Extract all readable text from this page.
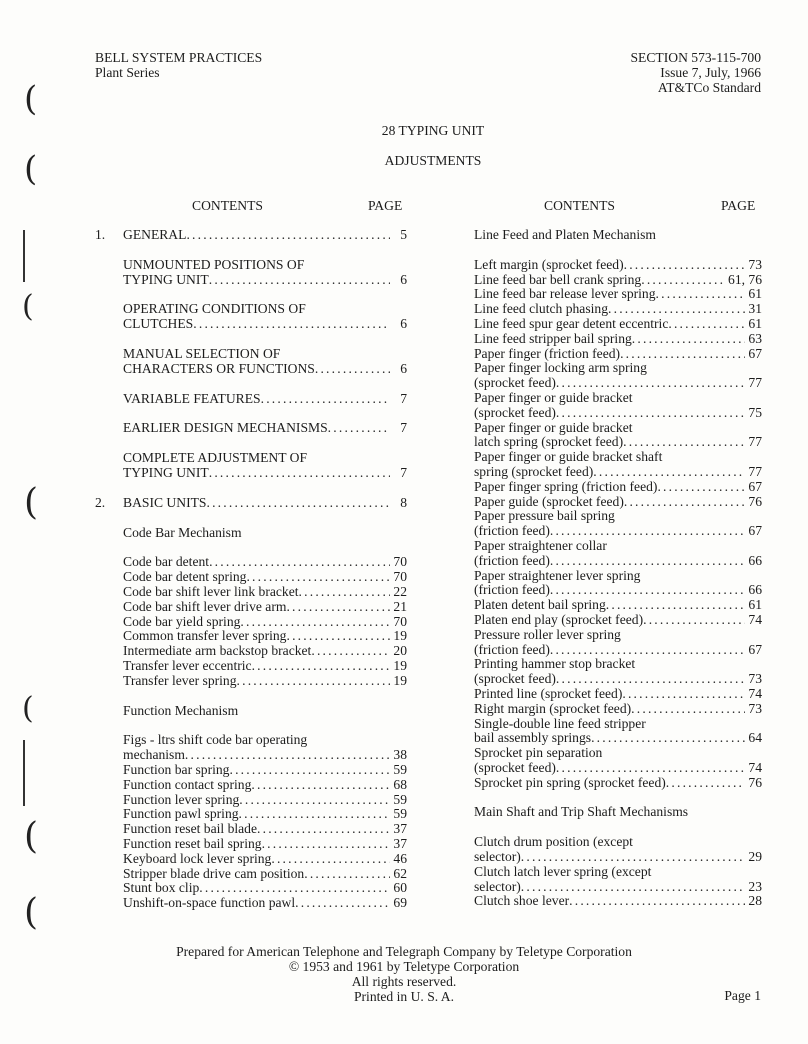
BELL SYSTEM PRACTICES
Plant Series
SECTION 573-115-700
Issue 7, July, 1966
AT&TCo Standard
28 TYPING UNIT
ADJUSTMENTS
CONTENTS	PAGE	CONTENTS	PAGE
1.	GENERAL . . .	5
UNMOUNTED POSITIONS OF
TYPING UNIT . . .	6
OPERATING CONDITIONS OF
CLUTCHES . . .	6
MANUAL SELECTION OF
CHARACTERS OR FUNCTIONS . . .	6
VARIABLE FEATURES . . .	7
EARLIER DESIGN MECHANISMS . . .	7
COMPLETE ADJUSTMENT OF
TYPING UNIT . . .	7
2.	BASIC UNITS . . .	8
Code Bar Mechanism
Code bar detent . . .	70
Code bar detent spring . . .	70
Code bar shift lever link bracket . . .	22
Code bar shift lever drive arm . . .	21
Code bar yield spring . . .	70
Common transfer lever spring . . .	19
Intermediate arm backstop bracket . . .	20
Transfer lever eccentric . . .	19
Transfer lever spring . . .	19
Function Mechanism
Figs - ltrs shift code bar operating
mechanism . . .	38
Function bar spring . . .	59
Function contact spring . . .	68
Function lever spring . . .	59
Function pawl spring . . .	59
Function reset bail blade . . .	37
Function reset bail spring . . .	37
Keyboard lock lever spring . . .	46
Stripper blade drive cam position . . .	62
Stunt box clip . . .	60
Unshift-on-space function pawl . . .	69
Line Feed and Platen Mechanism
Left margin (sprocket feed) . . .	73
Line feed bar bell crank spring . . .	61, 76
Line feed bar release lever spring . . .	61
Line feed clutch phasing . . .	31
Line feed spur gear detent eccentric . . .	61
Line feed stripper bail spring . . .	63
Paper finger (friction feed) . . .	67
Paper finger locking arm spring
(sprocket feed) . . .	77
Paper finger or guide bracket
(sprocket feed) . . .	75
Paper finger or guide bracket
latch spring (sprocket feed) . . .	77
Paper finger or guide bracket shaft
spring (sprocket feed) . . .	77
Paper finger spring (friction feed) . . .	67
Paper guide (sprocket feed) . . .	76
Paper pressure bail spring
(friction feed) . . .	67
Paper straightener collar
(friction feed) . . .	66
Paper straightener lever spring
(friction feed) . . .	66
Platen detent bail spring . . .	61
Platen end play (sprocket feed) . . .	74
Pressure roller lever spring
(friction feed) . . .	67
Printing hammer stop bracket
(sprocket feed) . . .	73
Printed line (sprocket feed) . . .	74
Right margin (sprocket feed) . . .	73
Single-double line feed stripper
bail assembly springs . . .	64
Sprocket pin separation
(sprocket feed) . . .	74
Sprocket pin spring (sprocket feed) . . .	76
Main Shaft and Trip Shaft Mechanisms
Clutch drum position (except
selector) . . .	29
Clutch latch lever spring (except
selector) . . .	23
Clutch shoe lever . . .	28
(
(
(
(
(
(
(
Prepared for American Telephone and Telegraph Company by Teletype Corporation
© 1953 and 1961 by Teletype Corporation
All rights reserved.
Printed in U. S. A.	Page 1
